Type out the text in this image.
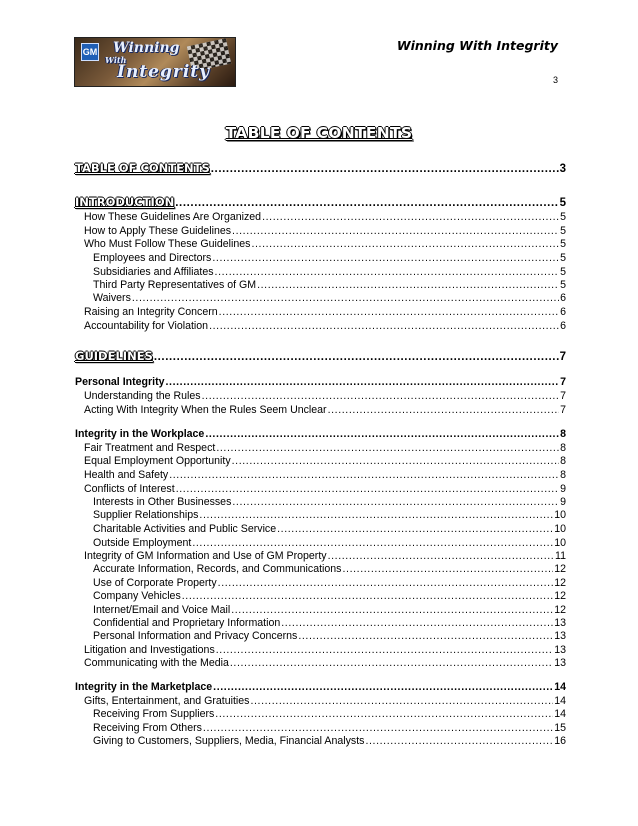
GM Winning
With
Integrity
Winning With Integrity
3
TABLE OF CONTENTS
TABLE OF CONTENTS .....	3
INTRODUCTION .....	5
How These Guidelines Are Organized .....	5
How to Apply These Guidelines .....	5
Who Must Follow These Guidelines .....	5
Employees and Directors .....	5
Subsidiaries and Affiliates .....	5
Third Party Representatives of GM .....	5
Waivers .....	6
Raising an Integrity Concern .....	6
Accountability for Violation .....	6
GUIDELINES .....	7
Personal Integrity .....	7
Understanding the Rules .....	7
Acting With Integrity When the Rules Seem Unclear .....	7
Integrity in the Workplace .....	8
Fair Treatment and Respect .....	8
Equal Employment Opportunity .....	8
Health and Safety .....	8
Conflicts of Interest .....	9
Interests in Other Businesses .....	9
Supplier Relationships .....	10
Charitable Activities and Public Service .....	10
Outside Employment .....	10
Integrity of GM Information and Use of GM Property .....	11
Accurate Information, Records, and Communications .....	12
Use of Corporate Property .....	12
Company Vehicles .....	12
Internet/Email and Voice Mail .....	12
Confidential and Proprietary Information .....	13
Personal Information and Privacy Concerns .....	13
Litigation and Investigations .....	13
Communicating with the Media .....	13
Integrity in the Marketplace .....	14
Gifts, Entertainment, and Gratuities .....	14
Receiving From Suppliers .....	14
Receiving From Others .....	15
Giving to Customers, Suppliers, Media, Financial Analysts .....	16
